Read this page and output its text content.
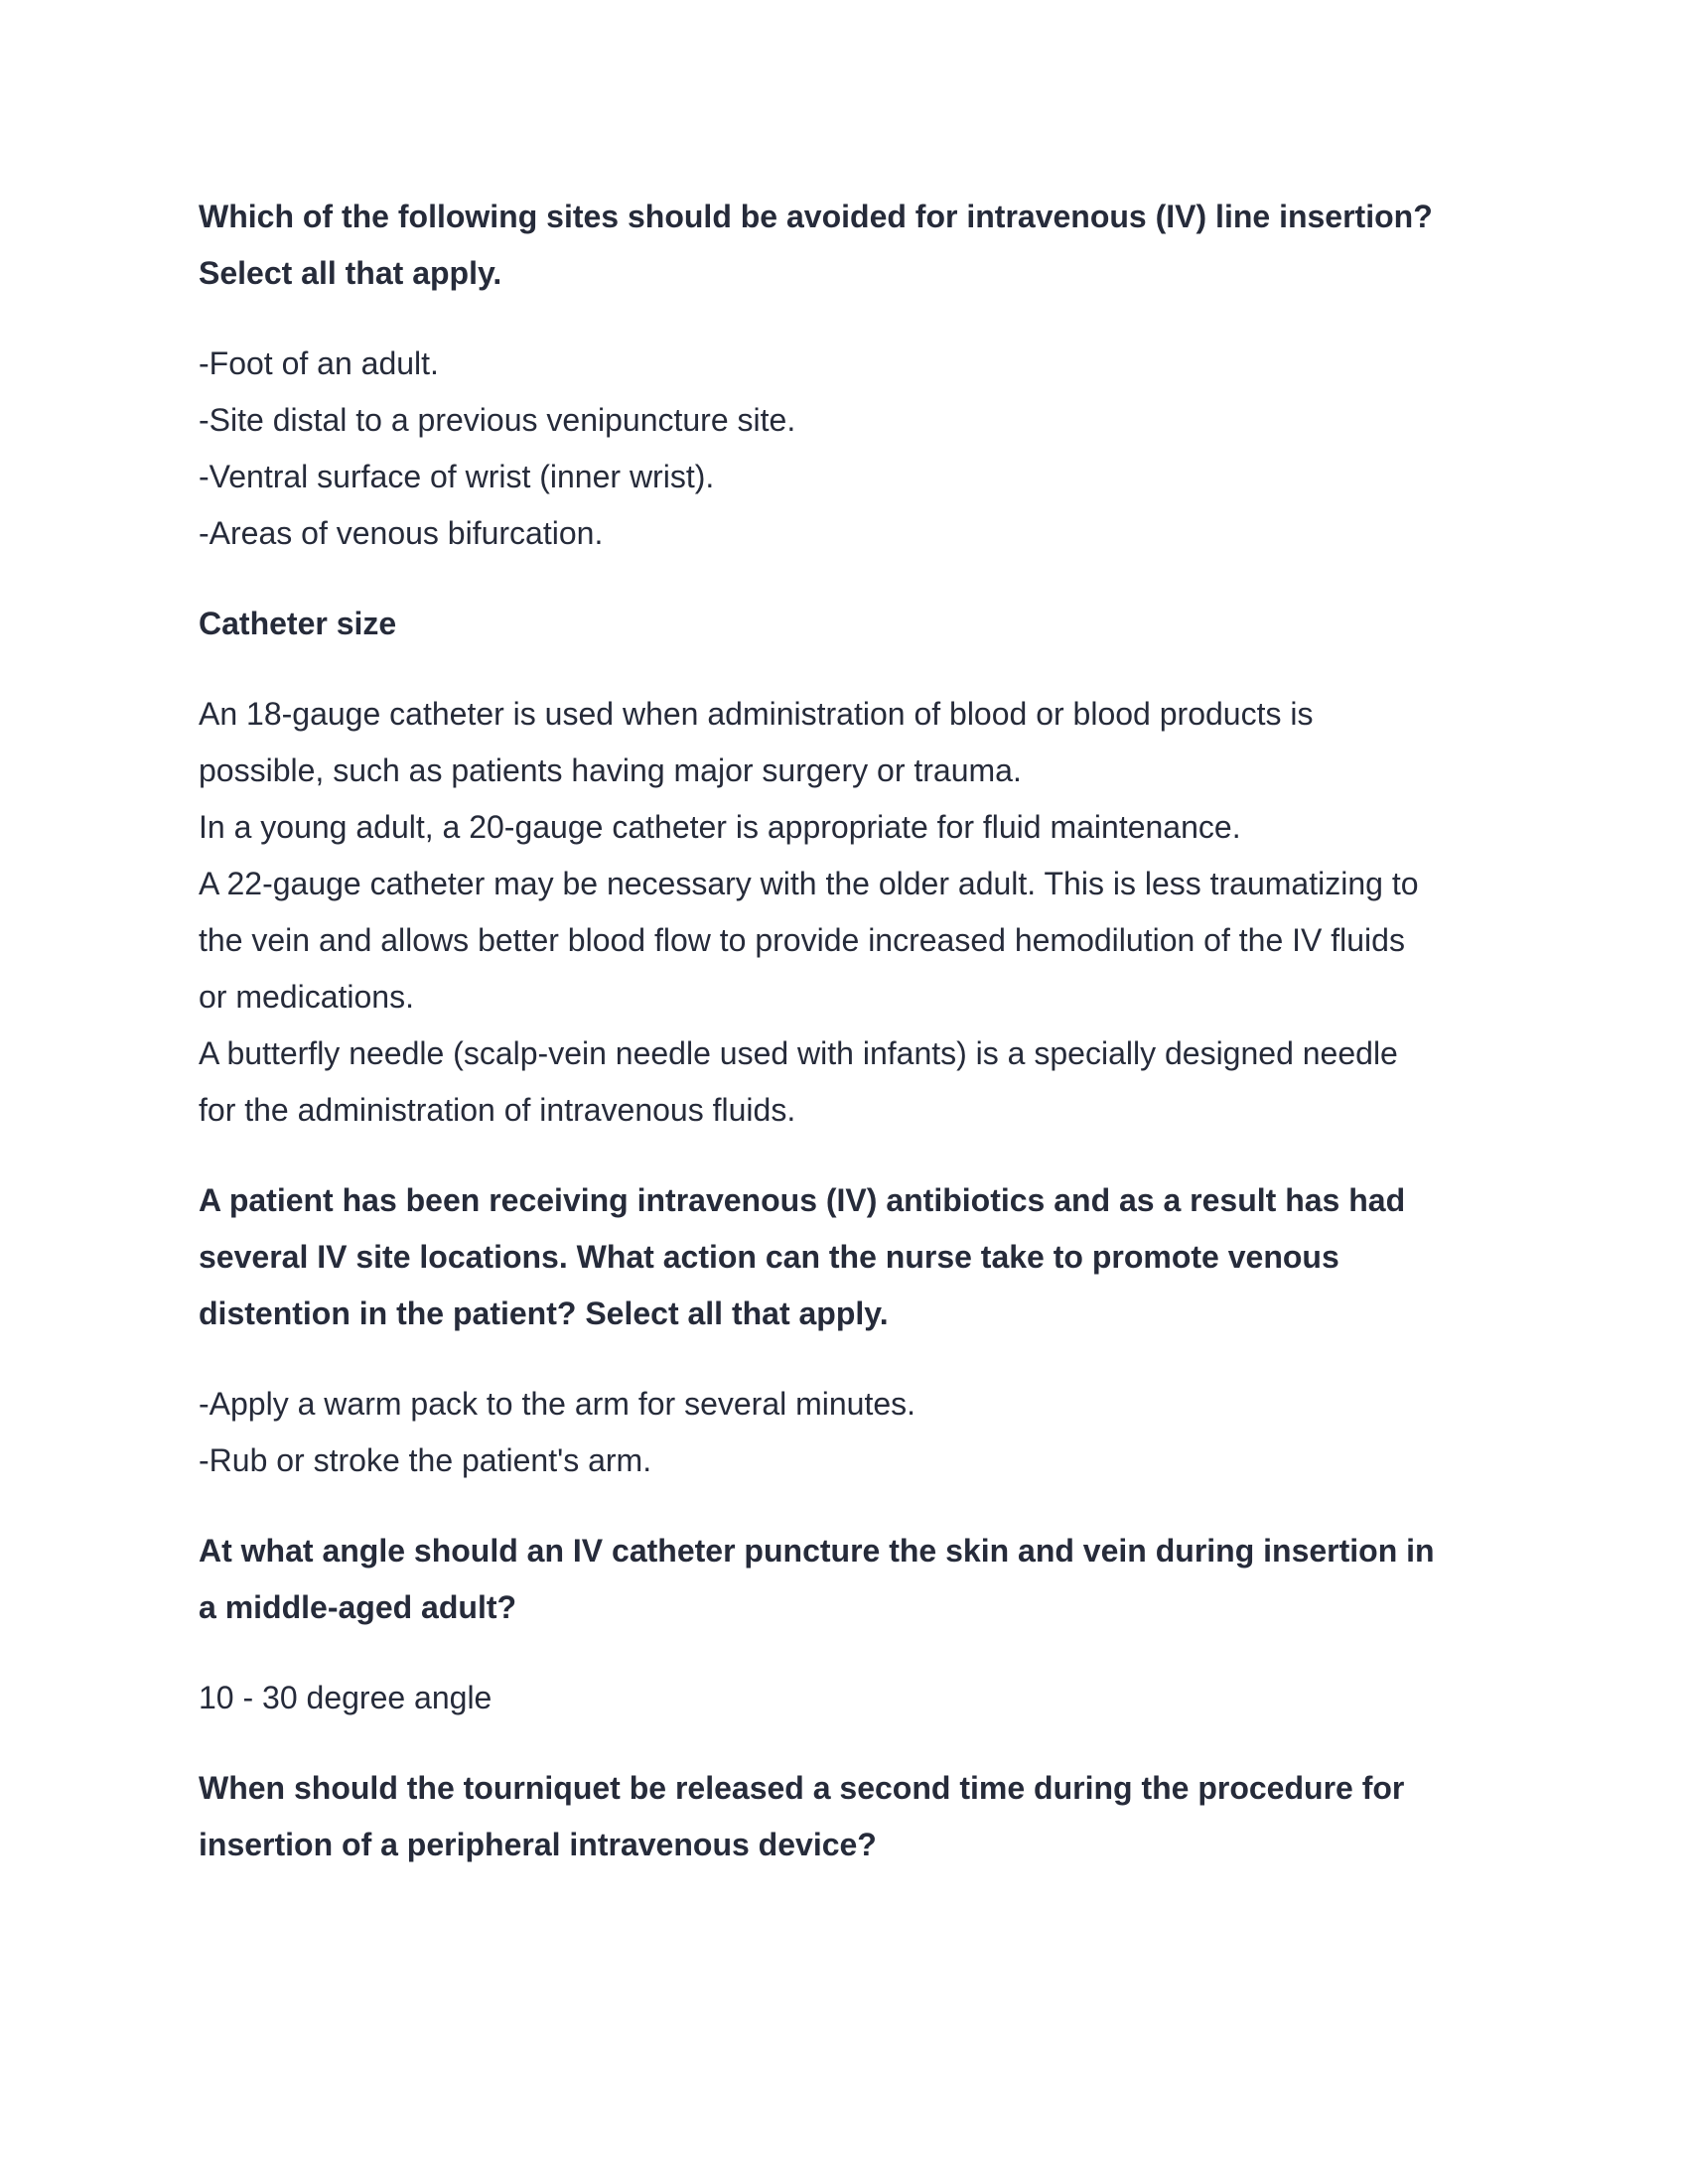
Which of the following sites should be avoided for intravenous (IV) line insertion?
Select all that apply.
-Foot of an adult.
-Site distal to a previous venipuncture site.
-Ventral surface of wrist (inner wrist).
-Areas of venous bifurcation.
Catheter size
An 18-gauge catheter is used when administration of blood or blood products is
possible, such as patients having major surgery or trauma.
In a young adult, a 20-gauge catheter is appropriate for fluid maintenance.
A 22-gauge catheter may be necessary with the older adult. This is less traumatizing to
the vein and allows better blood flow to provide increased hemodilution of the IV fluids
or medications.
A butterfly needle (scalp-vein needle used with infants) is a specially designed needle
for the administration of intravenous fluids.
A patient has been receiving intravenous (IV) antibiotics and as a result has had
several IV site locations. What action can the nurse take to promote venous
distention in the patient? Select all that apply.
-Apply a warm pack to the arm for several minutes.
-Rub or stroke the patient's arm.
At what angle should an IV catheter puncture the skin and vein during insertion in
a middle-aged adult?
10 - 30 degree angle
When should the tourniquet be released a second time during the procedure for
insertion of a peripheral intravenous device?
